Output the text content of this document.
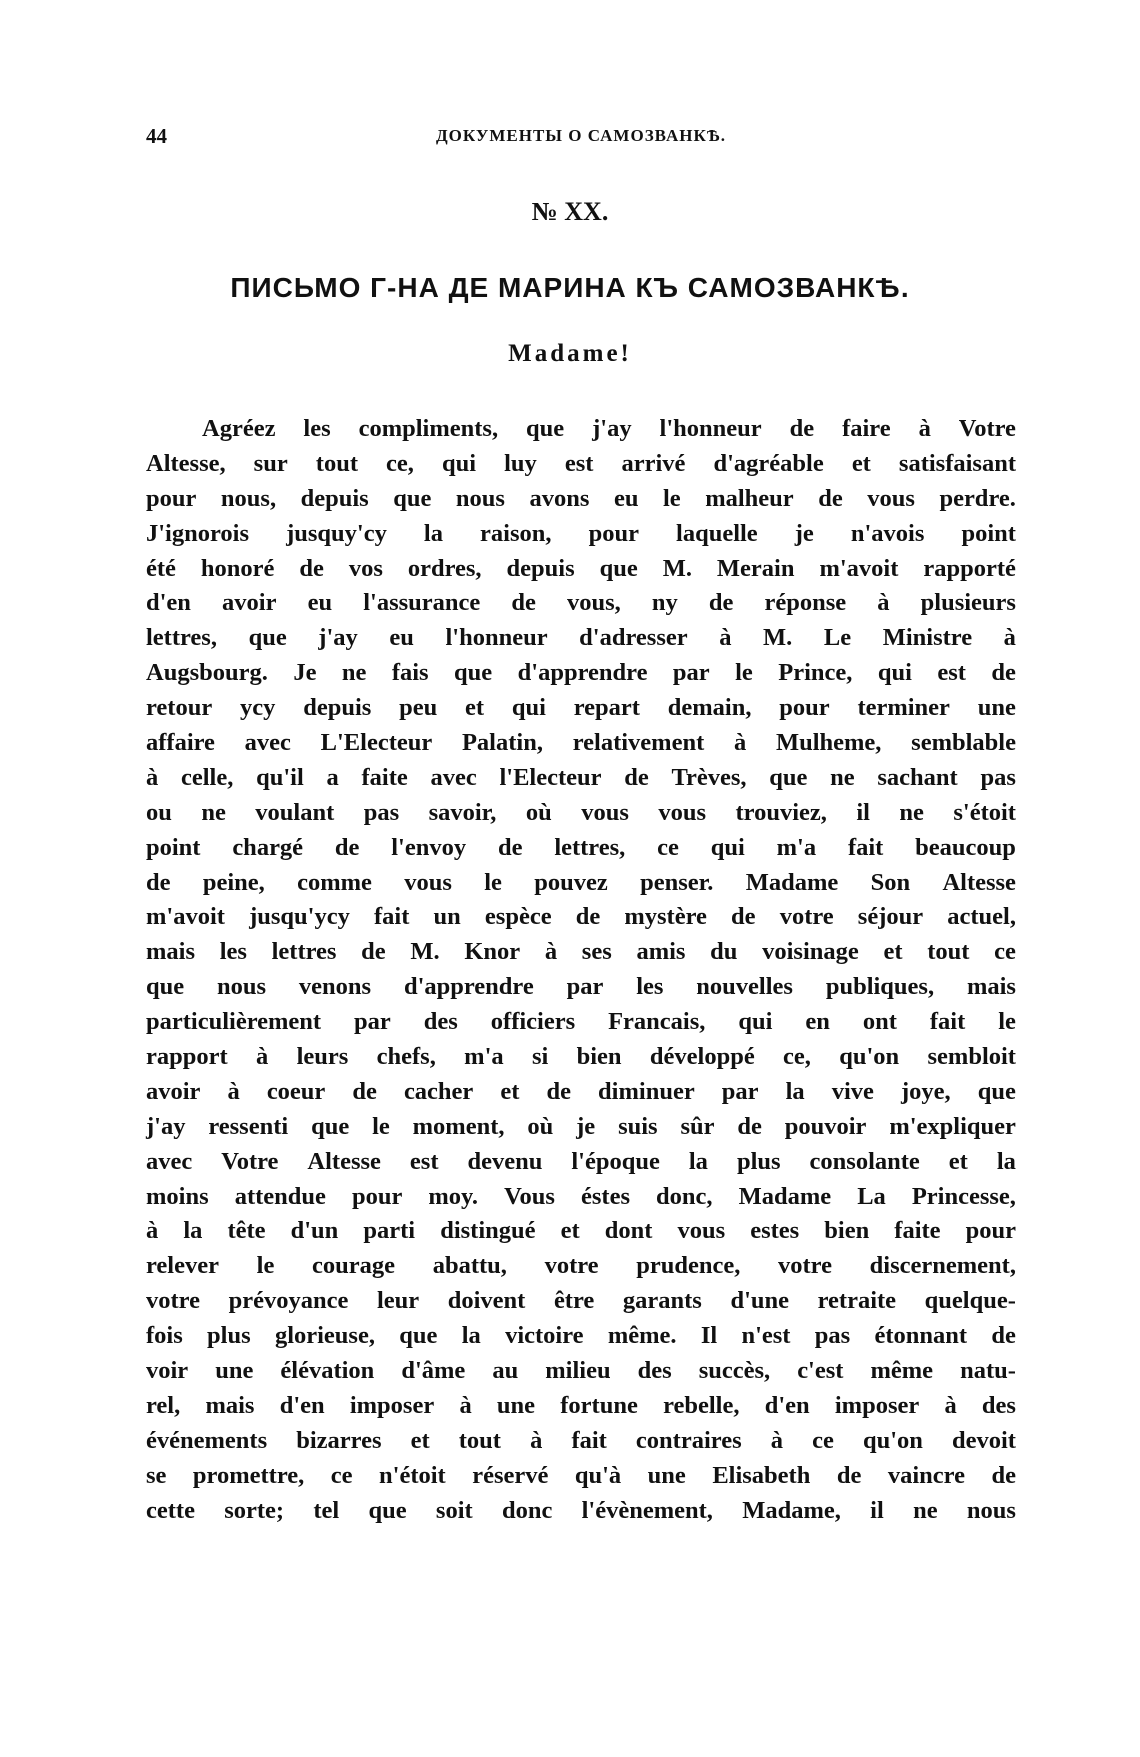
44	ДОКУМЕНТЫ О САМОЗВАНКѢ.
№ XX.
ПИСЬМО Г-НА ДЕ МАРИНА КЪ САМОЗВАНКѢ.
Madame!
Agréez les compliments, que j'ay l'honneur de faire à Votre
Altesse, sur tout ce, qui luy est arrivé d'agréable et satisfaisant
pour nous, depuis que nous avons eu le malheur de vous perdre.
J'ignorois jusquy'cy la raison, pour laquelle je n'avois point
été honoré de vos ordres, depuis que M. Merain m'avoit rapporté
d'en avoir eu l'assurance de vous, ny de réponse à plusieurs
lettres, que j'ay eu l'honneur d'adresser à M. Le Ministre à
Augsbourg. Je ne fais que d'apprendre par le Prince, qui est de
retour ycy depuis peu et qui repart demain, pour terminer une
affaire avec L'Electeur Palatin, relativement à Mulheme, semblable
à celle, qu'il a faite avec l'Electeur de Trèves, que ne sachant pas
ou ne voulant pas savoir, où vous vous trouviez, il ne s'étoit
point chargé de l'envoy de lettres, ce qui m'a fait beaucoup
de peine, comme vous le pouvez penser. Madame Son Altesse
m'avoit jusqu'ycy fait un espèce de mystère de votre séjour actuel,
mais les lettres de M. Knor à ses amis du voisinage et tout ce
que nous venons d'apprendre par les nouvelles publiques, mais
particulièrement par des officiers Francais, qui en ont fait le
rapport à leurs chefs, m'a si bien développé ce, qu'on sembloit
avoir à coeur de cacher et de diminuer par la vive joye, que
j'ay ressenti que le moment, où je suis sûr de pouvoir m'expliquer
avec Votre Altesse est devenu l'époque la plus consolante et la
moins attendue pour moy. Vous éstes donc, Madame La Princesse,
à la tête d'un parti distingué et dont vous estes bien faite pour
relever le courage abattu, votre prudence, votre discernement,
votre prévoyance leur doivent être garants d'une retraite quelque-
fois plus glorieuse, que la victoire même. Il n'est pas étonnant de
voir une élévation d'âme au milieu des succès, c'est même natu-
rel, mais d'en imposer à une fortune rebelle, d'en imposer à des
événements bizarres et tout à fait contraires à ce qu'on devoit
se promettre, ce n'étoit réservé qu'à une Elisabeth de vaincre de
cette sorte; tel que soit donc l'évènement, Madame, il ne nous
